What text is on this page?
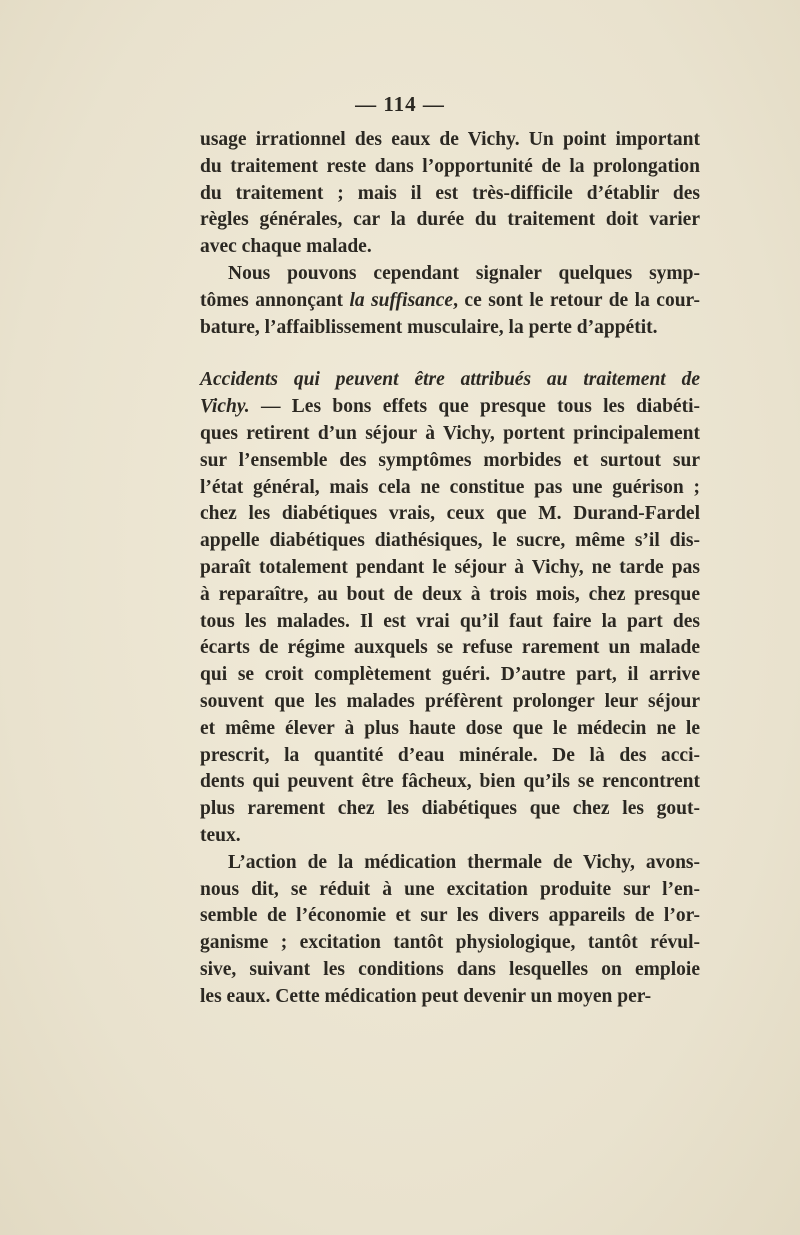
— 114 —

usage irrationnel des eaux de Vichy. Un point important
du traitement reste dans l’opportunité de la prolongation
du traitement ; mais il est très-difficile d’établir des
règles générales, car la durée du traitement doit varier
avec chaque malade.

Nous pouvons cependant signaler quelques symp-
tômes annonçant la suffisance, ce sont le retour de la cour-
bature, l’affaiblissement musculaire, la perte d’appétit.

Accidents qui peuvent être attribués au traitement de
Vichy. — Les bons effets que presque tous les diabéti-
ques retirent d’un séjour à Vichy, portent principalement
sur l’ensemble des symptômes morbides et surtout sur
l’état général, mais cela ne constitue pas une guérison ;
chez les diabétiques vrais, ceux que M. Durand-Fardel
appelle diabétiques diathésiques, le sucre, même s’il dis-
paraît totalement pendant le séjour à Vichy, ne tarde pas
à reparaître, au bout de deux à trois mois, chez presque
tous les malades. Il est vrai qu’il faut faire la part des
écarts de régime auxquels se refuse rarement un malade
qui se croit complètement guéri. D’autre part, il arrive
souvent que les malades préfèrent prolonger leur séjour
et même élever à plus haute dose que le médecin ne le
prescrit, la quantité d’eau minérale. De là des acci-
dents qui peuvent être fâcheux, bien qu’ils se rencontrent
plus rarement chez les diabétiques que chez les gout-
teux.

L’action de la médication thermale de Vichy, avons-
nous dit, se réduit à une excitation produite sur l’en-
semble de l’économie et sur les divers appareils de l’or-
ganisme ; excitation tantôt physiologique, tantôt révul-
sive, suivant les conditions dans lesquelles on emploie
les eaux. Cette médication peut devenir un moyen per-
